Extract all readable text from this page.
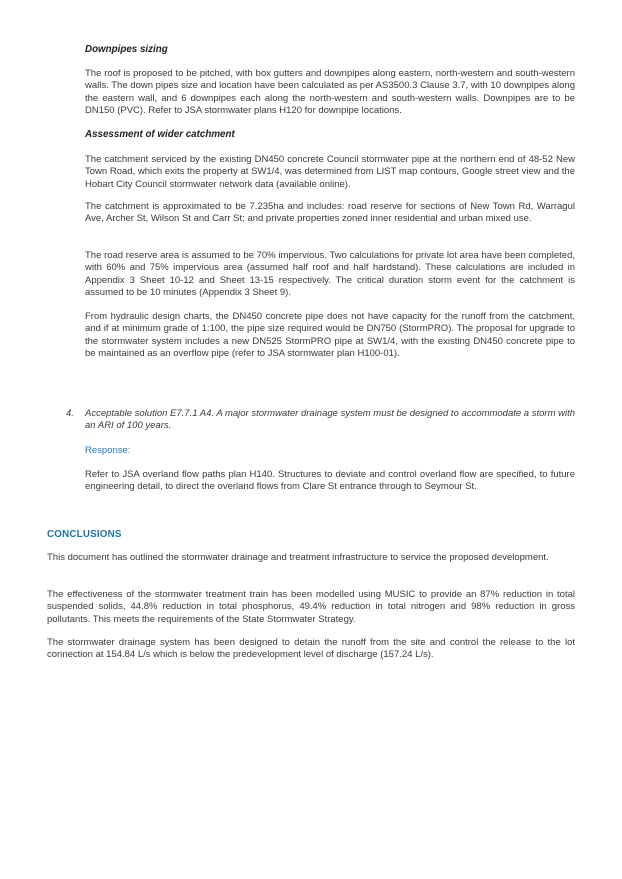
Downpipes sizing

The roof is proposed to be pitched, with box gutters and downpipes along eastern, north-western and south-western walls. The down pipes size and location have been calculated as per AS3500.3 Clause 3.7, with 10 downpipes along the eastern wall, and 6 downpipes each along the north-western and south-western walls. Downpipes are to be DN150 (PVC). Refer to JSA stormwater plans H120 for downpipe locations.

Assessment of wider catchment

The catchment serviced by the existing DN450 concrete Council stormwater pipe at the northern end of 48-52 New Town Road, which exits the property at SW1/4, was determined from LIST map contours, Google street view and the Hobart City Council stormwater network data (available online).

The catchment is approximated to be 7.235ha and includes: road reserve for sections of New Town Rd, Warragul Ave, Archer St, Wilson St and Carr St; and private properties zoned inner residential and urban mixed use.

The road reserve area is assumed to be 70% impervious. Two calculations for private lot area have been completed, with 60% and 75% impervious area (assumed half roof and half hardstand). These calculations are included in Appendix 3 Sheet 10-12 and Sheet 13-15 respectively. The critical duration storm event for the catchment is assumed to be 10 minutes (Appendix 3 Sheet 9).

From hydraulic design charts, the DN450 concrete pipe does not have capacity for the runoff from the catchment, and if at minimum grade of 1:100, the pipe size required would be DN750 (StormPRO). The proposal for upgrade to the stormwater system includes a new DN525 StormPRO pipe at SW1/4, with the existing DN450 concrete pipe to be maintained as an overflow pipe (refer to JSA stormwater plan H100-01).

4. Acceptable solution E7.7.1 A4. A major stormwater drainage system must be designed to accommodate a storm with an ARI of 100 years.

Response:

Refer to JSA overland flow paths plan H140. Structures to deviate and control overland flow are specified, to future engineering detail, to direct the overland flows from Clare St entrance through to Seymour St.

CONCLUSIONS

This document has outlined the stormwater drainage and treatment infrastructure to service the proposed development.

The effectiveness of the stormwater treatment train has been modelled using MUSIC to provide an 87% reduction in total suspended solids, 44.8% reduction in total phosphorus, 49.4% reduction in total nitrogen and 98% reduction in gross pollutants. This meets the requirements of the State Stormwater Strategy.

The stormwater drainage system has been designed to detain the runoff from the site and control the release to the lot connection at 154.84 L/s which is below the predevelopment level of discharge (157.24 L/s).
